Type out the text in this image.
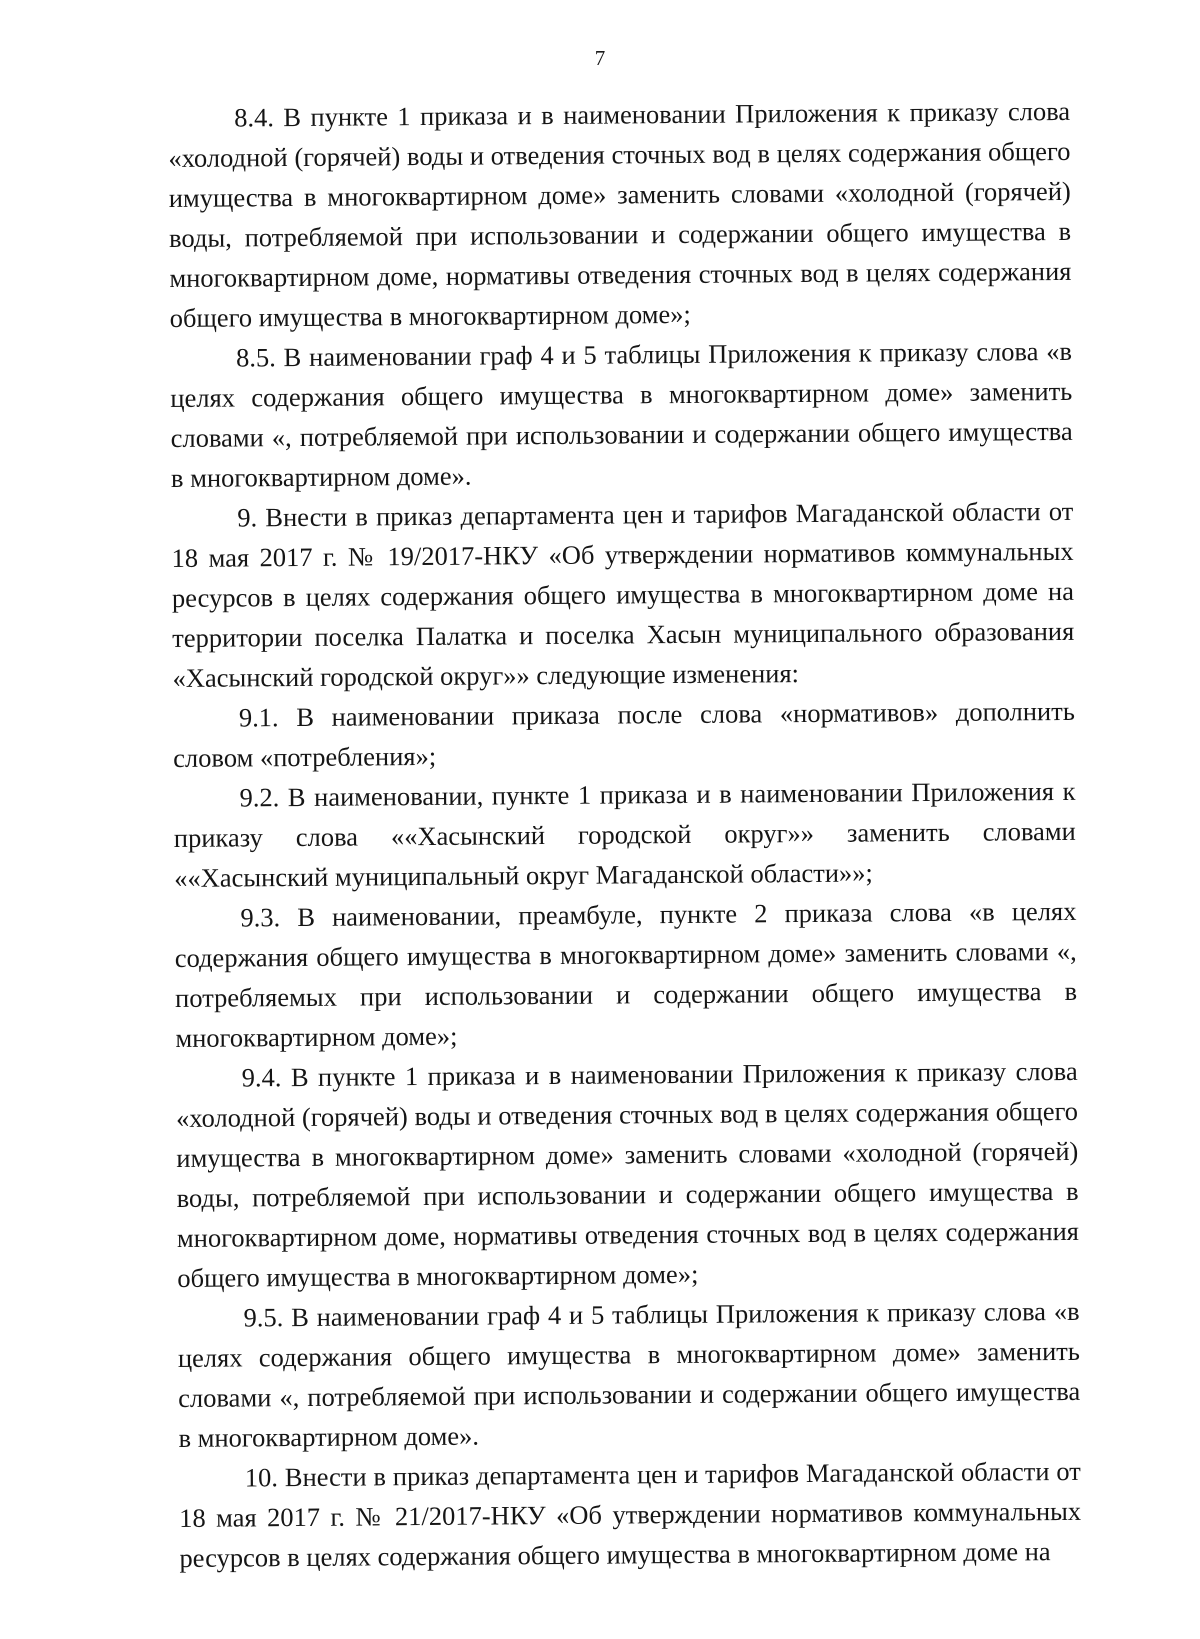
7

8.4. В пункте 1 приказа и в наименовании Приложения к приказу слова «холодной (горячей) воды и отведения сточных вод в целях содержания общего имущества в многоквартирном доме» заменить словами «холодной (горячей) воды, потребляемой при использовании и содержании общего имущества в многоквартирном доме, нормативы отведения сточных вод в целях содержания общего имущества в многоквартирном доме»;

8.5. В наименовании граф 4 и 5 таблицы Приложения к приказу слова «в целях содержания общего имущества в многоквартирном доме» заменить словами «, потребляемой при использовании и содержании общего имущества в многоквартирном доме».

9. Внести в приказ департамента цен и тарифов Магаданской области от 18 мая 2017 г. № 19/2017-НКУ «Об утверждении нормативов коммунальных ресурсов в целях содержания общего имущества в многоквартирном доме на территории поселка Палатка и поселка Хасын муниципального образования «Хасынский городской округ»» следующие изменения:

9.1. В наименовании приказа после слова «нормативов» дополнить словом «потребления»;

9.2. В наименовании, пункте 1 приказа и в наименовании Приложения к приказу слова ««Хасынский городской округ»» заменить словами ««Хасынский муниципальный округ Магаданской области»»;

9.3. В наименовании, преамбуле, пункте 2 приказа слова «в целях содержания общего имущества в многоквартирном доме» заменить словами «, потребляемых при использовании и содержании общего имущества в многоквартирном доме»;

9.4. В пункте 1 приказа и в наименовании Приложения к приказу слова «холодной (горячей) воды и отведения сточных вод в целях содержания общего имущества в многоквартирном доме» заменить словами «холодной (горячей) воды, потребляемой при использовании и содержании общего имущества в многоквартирном доме, нормативы отведения сточных вод в целях содержания общего имущества в многоквартирном доме»;

9.5. В наименовании граф 4 и 5 таблицы Приложения к приказу слова «в целях содержания общего имущества в многоквартирном доме» заменить словами «, потребляемой при использовании и содержании общего имущества в многоквартирном доме».

10. Внести в приказ департамента цен и тарифов Магаданской области от 18 мая 2017 г. № 21/2017-НКУ «Об утверждении нормативов коммунальных ресурсов в целях содержания общего имущества в многоквартирном доме на
